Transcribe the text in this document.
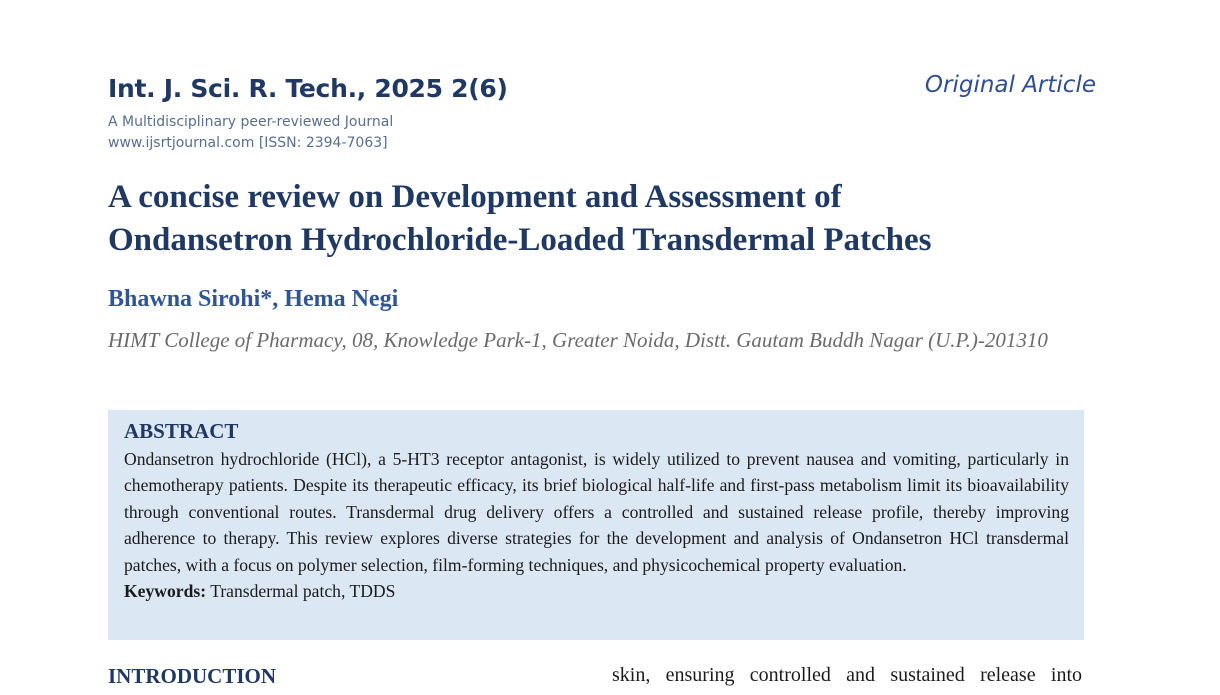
Int. J. Sci. R. Tech., 2025 2(6)
A Multidisciplinary peer-reviewed Journal
www.ijsrtjournal.com [ISSN: 2394-7063]
Original Article
A concise review on Development and Assessment of
Ondansetron Hydrochloride-Loaded Transdermal Patches
Bhawna Sirohi*, Hema Negi
HIMT College of Pharmacy, 08, Knowledge Park-1, Greater Noida, Distt. Gautam Buddh Nagar (U.P.)-201310
ABSTRACT

Ondansetron hydrochloride (HCl), a 5-HT3 receptor antagonist, is widely utilized to prevent nausea and vomiting, particularly in chemotherapy patients. Despite its therapeutic efficacy, its brief biological half-life and first-pass metabolism limit its bioavailability through conventional routes. Transdermal drug delivery offers a controlled and sustained release profile, thereby improving adherence to therapy. This review explores diverse strategies for the development and analysis of Ondansetron HCl transdermal patches, with a focus on polymer selection, film-forming techniques, and physicochemical property evaluation.

Keywords: Transdermal patch, TDDS

INTRODUCTION	skin, ensuring controlled and sustained release into
